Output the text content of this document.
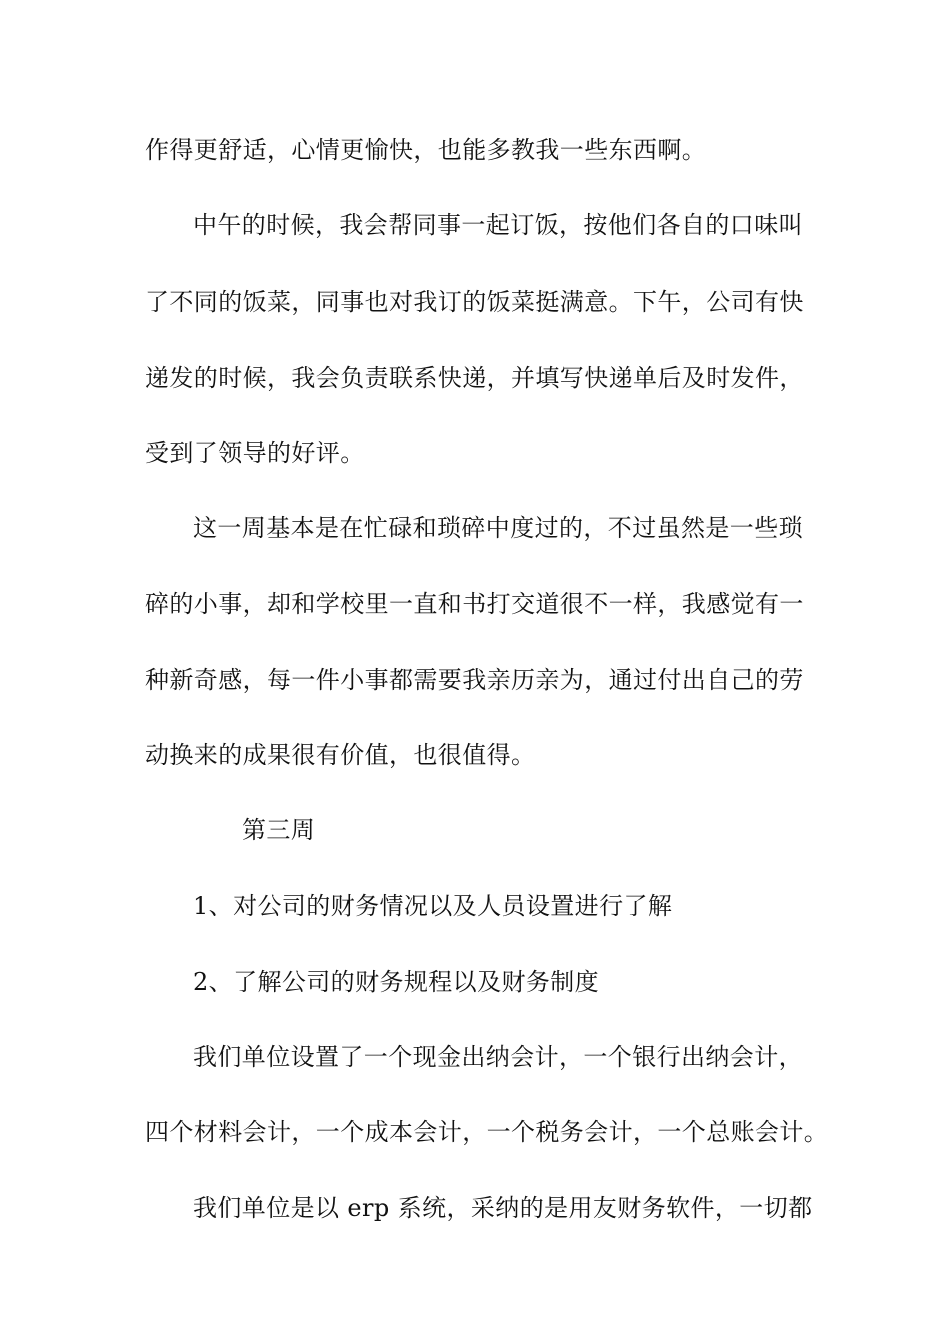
作得更舒适，心情更愉快，也能多教我一些东西啊。
中午的时候，我会帮同事一起订饭，按他们各自的口味叫
了不同的饭菜，同事也对我订的饭菜挺满意。下午，公司有快
递发的时候，我会负责联系快递，并填写快递单后及时发件，
受到了领导的好评。
这一周基本是在忙碌和琐碎中度过的，不过虽然是一些琐
碎的小事，却和学校里一直和书打交道很不一样，我感觉有一
种新奇感，每一件小事都需要我亲历亲为，通过付出自己的劳
动换来的成果很有价值，也很值得。
第三周
1、对公司的财务情况以及人员设置进行了解
2、了解公司的财务规程以及财务制度
我们单位设置了一个现金出纳会计，一个银行出纳会计，
四个材料会计，一个成本会计，一个税务会计，一个总账会计。
我们单位是以 erp 系统，采纳的是用友财务软件，一切都
